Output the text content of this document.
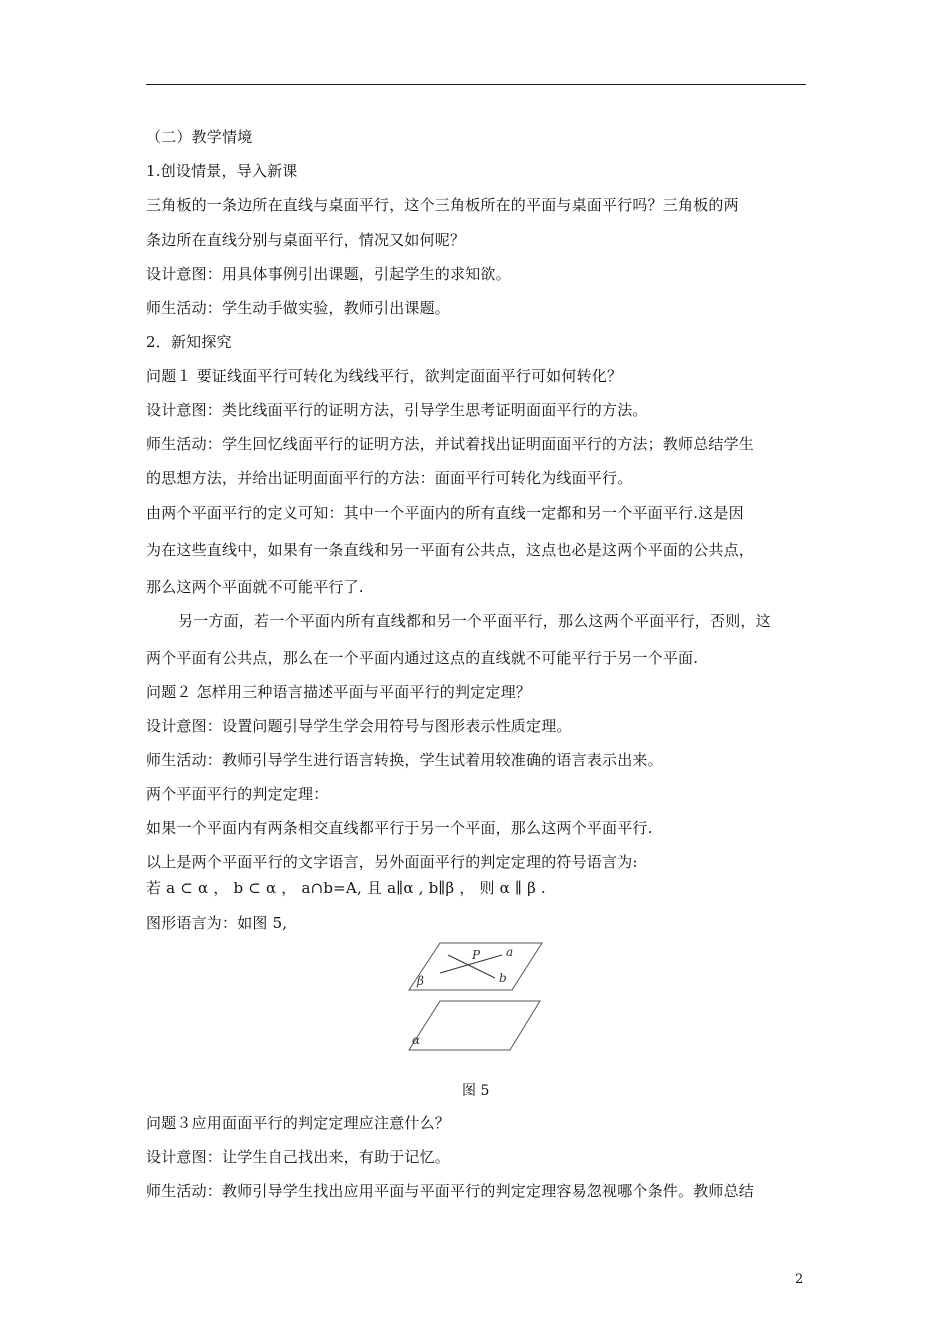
（二）教学情境
1.创设情景，导入新课
三角板的一条边所在直线与桌面平行，这个三角板所在的平面与桌面平行吗？三角板的两
条边所在直线分别与桌面平行，情况又如何呢？
设计意图：用具体事例引出课题，引起学生的求知欲。
师生活动：学生动手做实验，教师引出课题。
2．新知探究
问题１ 要证线面平行可转化为线线平行，欲判定面面平行可如何转化？
设计意图：类比线面平行的证明方法，引导学生思考证明面面平行的方法。
师生活动：学生回忆线面平行的证明方法，并试着找出证明面面平行的方法；教师总结学生
的思想方法，并给出证明面面平行的方法：面面平行可转化为线面平行。
由两个平面平行的定义可知：其中一个平面内的所有直线一定都和另一个平面平行.这是因
为在这些直线中，如果有一条直线和另一平面有公共点，这点也必是这两个平面的公共点，
那么这两个平面就不可能平行了.
另一方面，若一个平面内所有直线都和另一个平面平行，那么这两个平面平行，否则，这
两个平面有公共点，那么在一个平面内通过这点的直线就不可能平行于另一个平面.
问题２ 怎样用三种语言描述平面与平面平行的判定定理？
设计意图：设置问题引导学生学会用符号与图形表示性质定理。
师生活动：教师引导学生进行语言转换，学生试着用较准确的语言表示出来。
两个平面平行的判定定理：
如果一个平面内有两条相交直线都平行于另一个平面，那么这两个平面平行.
以上是两个平面平行的文字语言，另外面面平行的判定定理的符号语言为:
若 a ⊂ α ， b ⊂ α ， a∩b=A, 且 a∥α , b∥β ， 则 α ∥ β .
图形语言为：如图 5,
P a
b
β
α
图 5
问题３应用面面平行的判定定理应注意什么？
设计意图：让学生自己找出来，有助于记忆。
师生活动：教师引导学生找出应用平面与平面平行的判定定理容易忽视哪个条件。教师总结
2
